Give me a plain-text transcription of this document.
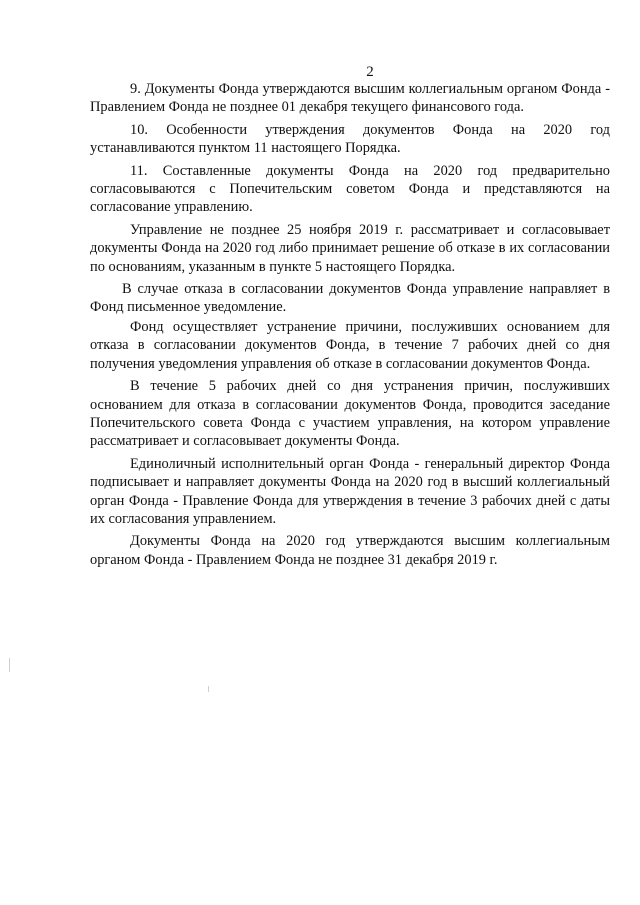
2

9. Документы Фонда утверждаются высшим коллегиальным органом Фонда - Правлением Фонда не позднее 01 декабря текущего финансового года.

10. Особенности утверждения документов Фонда на 2020 год устанавливаются пунктом 11 настоящего Порядка.

11. Составленные документы Фонда на 2020 год предварительно согласовываются с Попечительским советом Фонда и представляются на согласование управлению.

Управление не позднее 25 ноября 2019 г. рассматривает и согласовывает документы Фонда на 2020 год либо принимает решение об отказе в их согласовании по основаниям, указанным в пункте 5 настоящего Порядка.

В случае отказа в согласовании документов Фонда управление направляет в Фонд письменное уведомление.

Фонд осуществляет устранение причини, послуживших основанием для отказа в согласовании документов Фонда, в течение 7 рабочих дней со дня получения уведомления управления об отказе в согласовании документов Фонда.

В течение 5 рабочих дней со дня устранения причин, послуживших основанием для отказа в согласовании документов Фонда, проводится заседание Попечительского совета Фонда с участием управления, на котором управление рассматривает и согласовывает документы Фонда.

Единоличный исполнительный орган Фонда - генеральный директор Фонда подписывает и направляет документы Фонда на 2020 год в высший коллегиальный орган Фонда - Правление Фонда для утверждения в течение 3 рабочих дней с даты их согласования управлением.

Документы Фонда на 2020 год утверждаются высшим коллегиальным органом Фонда - Правлением Фонда не позднее 31 декабря 2019 г.
